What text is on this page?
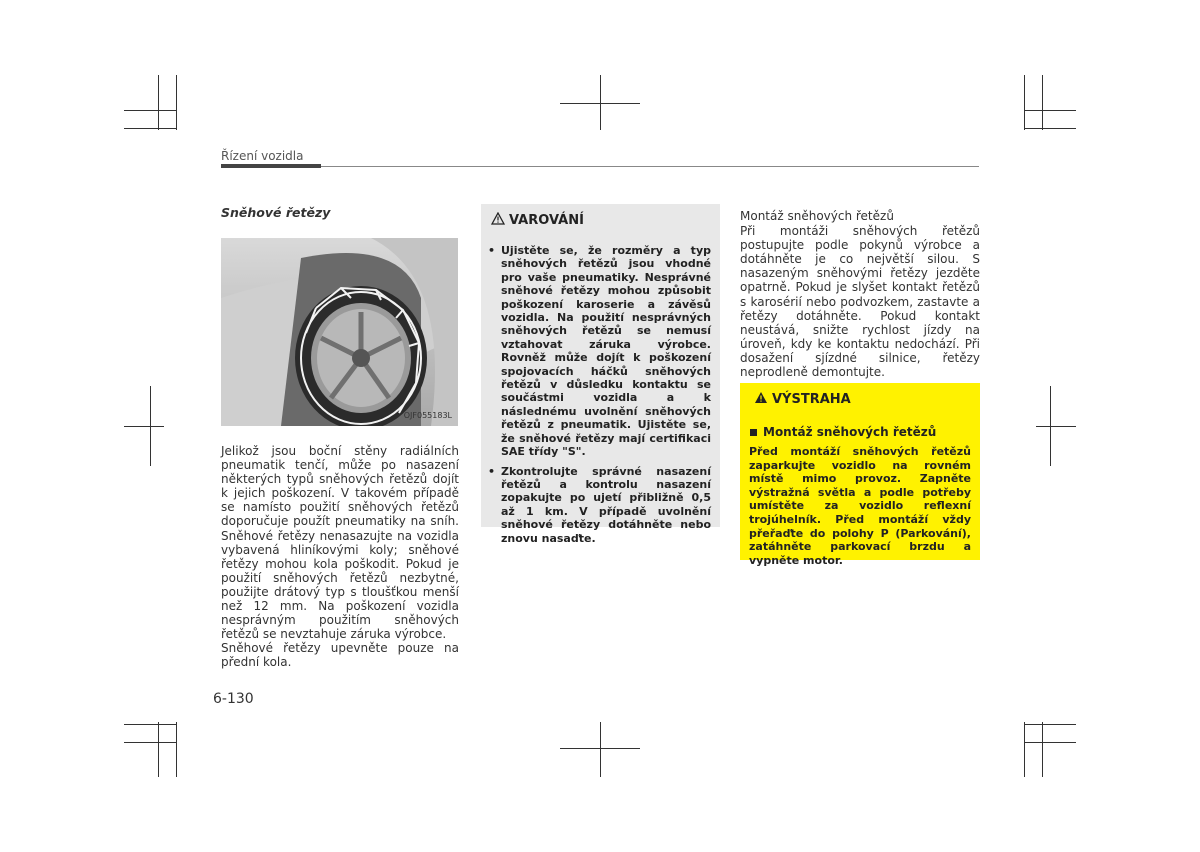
Řízení vozidla
Sněhové řetězy
OJF055183L

Jelikož jsou boční stěny radiálních pneumatik tenčí, může po nasazení některých typů sněhových řetězů dojít k jejich poškození. V takovém případě se namísto použití sněhových řetězů doporučuje použít pneumatiky na sníh. Sněhové řetězy nenasazujte na vozidla vybavená hliníkovými koly; sněhové řetězy mohou kola poškodit. Pokud je použití sněhových řetězů nezbytné, použijte drátový typ s tloušťkou menší než 12 mm. Na poškození vozidla nesprávným použitím sněhových řetězů se nevztahuje záruka výrobce.

Sněhové řetězy upevněte pouze na přední kola.

VAROVÁNÍ
• Ujistěte se, že rozměry a typ sněhových řetězů jsou vhodné pro vaše pneumatiky. Nesprávné sněhové řetězy mohou způsobit poškození karoserie a závěsů vozidla. Na použití nesprávných sněhových řetězů se nemusí vztahovat záruka výrobce. Rovněž může dojít k poškození spojovacích háčků sněhových řetězů v důsledku kontaktu se součástmi vozidla a k následnému uvolnění sněhových řetězů z pneumatik. Ujistěte se, že sněhové řetězy mají certifikaci SAE třídy "S".
• Zkontrolujte správné nasazení řetězů a kontrolu nasazení zopakujte po ujetí přibližně 0,5 až 1 km. V případě uvolnění sněhové řetězy dotáhněte nebo znovu nasaďte.
Montáž sněhových řetězů

Při montáži sněhových řetězů postupujte podle pokynů výrobce a dotáhněte je co největší silou. S nasazeným sněhovými řetězy jezděte opatrně. Pokud je slyšet kontakt řetězů s karosérií nebo podvozkem, zastavte a řetězy dotáhněte. Pokud kontakt neustává, snižte rychlost jízdy na úroveň, kdy ke kontaktu nedochází. Při dosažení sjízdné silnice, řetězy neprodleně demontujte.

VÝSTRAHA
Montáž sněhových řetězů
Před montáží sněhových řetězů zaparkujte vozidlo na rovném místě mimo provoz. Zapněte výstražná světla a podle potřeby umístěte za vozidlo reflexní trojúhelník. Před montáží vždy přeřaďte do polohy P (Parkování), zatáhněte parkovací brzdu a vypněte motor.
6-130
